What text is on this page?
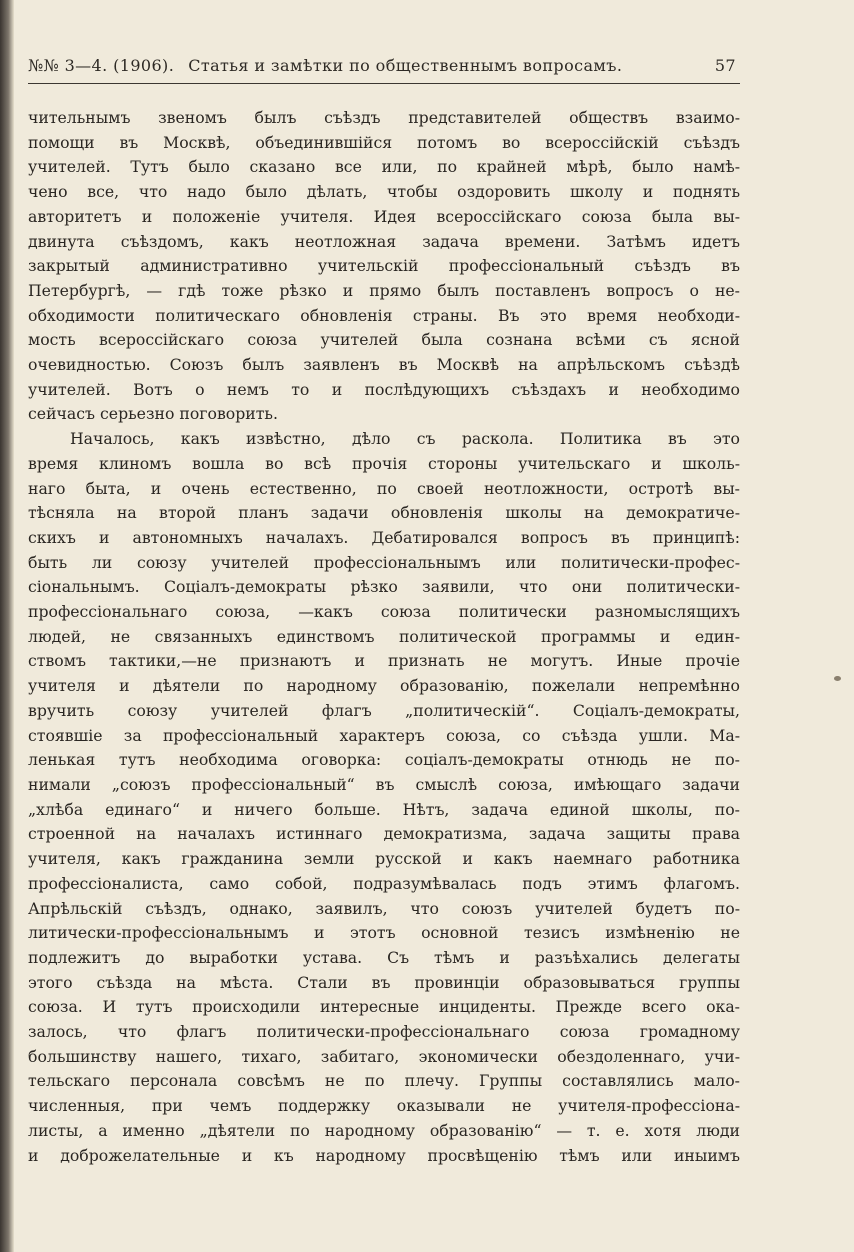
№№ 3—4. (1906). Статья и замѣтки по общественнымъ вопросамъ.	57
чительнымъ звеномъ былъ съѣздъ представителей обществъ взаимо-
помощи въ Москвѣ, объединившійся потомъ во всероссійскій съѣздъ
учителей. Тутъ было сказано все или, по крайней мѣрѣ, было намѣ-
чено все, что надо было дѣлать, чтобы оздоровить школу и поднять
авторитетъ и положеніе учителя. Идея всероссійскаго союза была вы-
двинута съѣздомъ, какъ неотложная задача времени. Затѣмъ идетъ
закрытый административно учительскій профессіональный съѣздъ въ
Петербургѣ, — гдѣ тоже рѣзко и прямо былъ поставленъ вопросъ о не-
обходимости политическаго обновленія страны. Въ это время необходи-
мость всероссійскаго союза учителей была сознана всѣми съ ясной
очевидностью. Союзъ былъ заявленъ въ Москвѣ на апрѣльскомъ съѣздѣ
учителей. Вотъ о немъ то и послѣдующихъ съѣздахъ и необходимо
сейчасъ серьезно поговорить.
Началось, какъ извѣстно, дѣло съ раскола. Политика въ это
время клиномъ вошла во всѣ прочія стороны учительскаго и школь-
наго быта, и очень естественно, по своей неотложности, остротѣ вы-
тѣсняла на второй планъ задачи обновленія школы на демократиче-
скихъ и автономныхъ началахъ. Дебатировался вопросъ въ принципѣ:
быть ли союзу учителей профессіональнымъ или политически-профес-
сіональнымъ. Соціалъ-демократы рѣзко заявили, что они политически-
профессіональнаго союза, —какъ союза политически разномыслящихъ
людей, не связанныхъ единствомъ политической программы и един-
ствомъ тактики,—не признаютъ и признать не могутъ. Иные прочіе
учителя и дѣятели по народному образованію, пожелали непремѣнно
вручить союзу учителей флагъ „политическій“. Соціалъ-демократы,
стоявшіе за профессіональный характеръ союза, со съѣзда ушли. Ма-
ленькая тутъ необходима оговорка: соціалъ-демократы отнюдь не по-
нимали „союзъ профессіональный“ въ смыслѣ союза, имѣющаго задачи
„хлѣба единаго“ и ничего больше. Нѣтъ, задача единой школы, по-
строенной на началахъ истиннаго демократизма, задача защиты права
учителя, какъ гражданина земли русской и какъ наемнаго работника
профессіоналиста, само собой, подразумѣвалась подъ этимъ флагомъ.
Апрѣльскій съѣздъ, однако, заявилъ, что союзъ учителей будетъ по-
литически-профессіональнымъ и этотъ основной тезисъ измѣненію не
подлежитъ до выработки устава. Съ тѣмъ и разъѣхались делегаты
этого съѣзда на мѣста. Стали въ провинціи образовываться группы
союза. И тутъ происходили интересные инциденты. Прежде всего ока-
залось, что флагъ политически-профессіональнаго союза громадному
большинству нашего, тихаго, забитаго, экономически обездоленнаго, учи-
тельскаго персонала совсѣмъ не по плечу. Группы составлялись мало-
численныя, при чемъ поддержку оказывали не учителя-профессіона-
листы, а именно „дѣятели по народному образованію“ — т. е. хотя люди
и доброжелательные и къ народному просвѣщенію тѣмъ или иныимъ
